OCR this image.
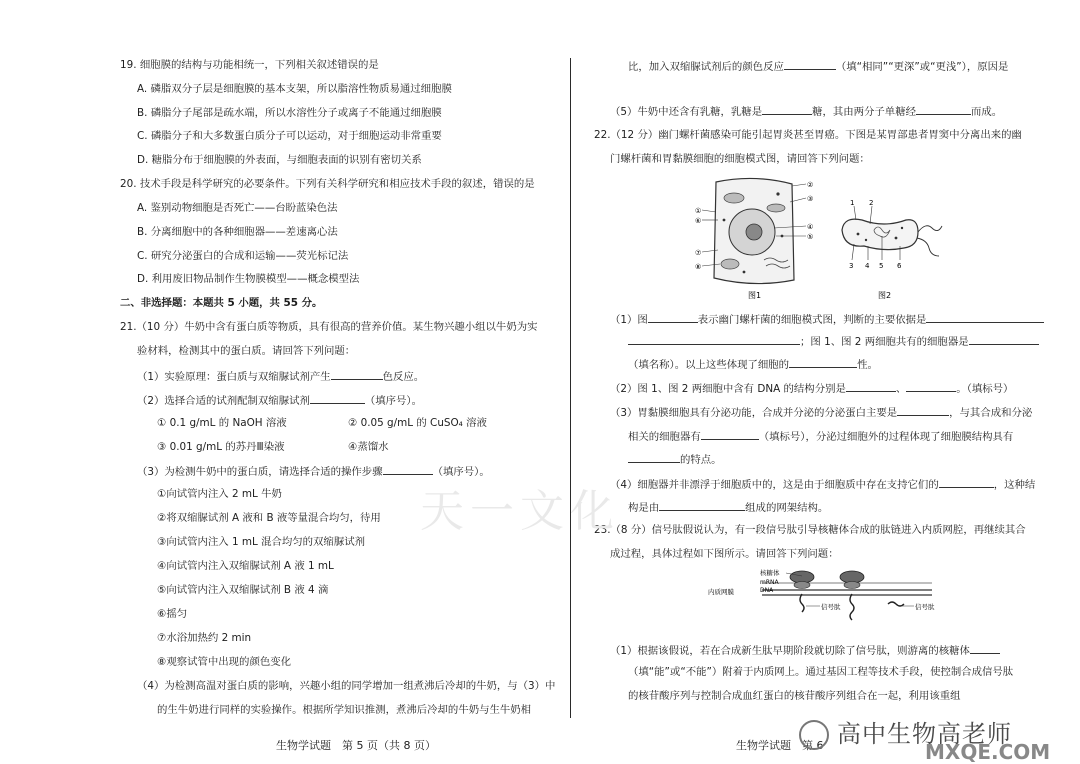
19. 细胞膜的结构与功能相统一，下列相关叙述错误的是
A. 磷脂双分子层是细胞膜的基本支架，所以脂溶性物质易通过细胞膜
B. 磷脂分子尾部是疏水端，所以水溶性分子或离子不能通过细胞膜
C. 磷脂分子和大多数蛋白质分子可以运动，对于细胞运动非常重要
D. 糖脂分布于细胞膜的外表面，与细胞表面的识别有密切关系
20. 技术手段是科学研究的必要条件。下列有关科学研究和相应技术手段的叙述，错误的是
A. 鉴别动物细胞是否死亡——台盼蓝染色法
B. 分离细胞中的各种细胞器——差速离心法
C. 研究分泌蛋白的合成和运输——荧光标记法
D. 利用废旧物品制作生物膜模型——概念模型法
二、非选择题：本题共 5 小题，共 55 分。
21.（10 分）牛奶中含有蛋白质等物质，具有很高的营养价值。某生物兴趣小组以牛奶为实
验材料，检测其中的蛋白质。请回答下列问题：
（1）实验原理：蛋白质与双缩脲试剂产生	色反应。
（2）选择合适的试剂配制双缩脲试剂	（填序号）。
① 0.1 g/mL 的 NaOH 溶液	② 0.05 g/mL 的 CuSO₄ 溶液
③ 0.01 g/mL 的苏丹Ⅲ染液	④蒸馏水
（3）为检测牛奶中的蛋白质，请选择合适的操作步骤	（填序号）。
①向试管内注入 2 mL 牛奶
②将双缩脲试剂 A 液和 B 液等量混合均匀，待用
③向试管内注入 1 mL 混合均匀的双缩脲试剂
④向试管内注入双缩脲试剂 A 液 1 mL
⑤向试管内注入双缩脲试剂 B 液 4 滴
⑥摇匀
⑦水浴加热约 2 min
⑧观察试管中出现的颜色变化
（4）为检测高温对蛋白质的影响，兴趣小组的同学增加一组煮沸后冷却的牛奶，与（3）中
的生牛奶进行同样的实验操作。根据所学知识推测，煮沸后冷却的牛奶与生牛奶相
生物学试题　第 5 页（共 8 页）
比，加入双缩脲试剂后的颜色反应	（填“相同”“更深”或“更浅”），原因是
（5）牛奶中还含有乳糖，乳糖是	糖，其由两分子单糖经	而成。
22.（12 分）幽门螺杆菌感染可能引起胃炎甚至胃癌。下图是某胃部患者胃窦中分离出来的幽
门螺杆菌和胃黏膜细胞的细胞模式图，请回答下列问题：
②
③
④
⑤
①
⑥
⑦
⑧
图1
1 2
3 4 5 6
图2
（1）图	表示幽门螺杆菌的细胞模式图，判断的主要依据是
；图 1、图 2 两细胞共有的细胞器是
（填名称）。以上这些体现了细胞的	性。
（2）图 1、图 2 两细胞中含有 DNA 的结构分别是	、	。（填标号）
（3）胃黏膜细胞具有分泌功能，合成并分泌的分泌蛋白主要是	，与其合成和分泌
相关的细胞器有	（填标号），分泌过细胞外的过程体现了细胞膜结构具有
的特点。
（4）细胞器并非漂浮于细胞质中的，这是由于细胞质中存在支持它们的	，这种结
构是由	组成的网架结构。
23.（8 分）信号肽假说认为，有一段信号肽引导核糖体合成的肽链进入内质网腔，再继续其合
成过程，具体过程如下图所示。请回答下列问题：
核糖体
mRNA
DNA
内质网膜
信号肽	信号肽
（1）根据该假说，若在合成新生肽早期阶段就切除了信号肽，则游离的核糖体
（填“能”或“不能”）附着于内质网上。通过基因工程等技术手段，使控制合成信号肽
的核苷酸序列与控制合成血红蛋白的核苷酸序列组合在一起，利用该重组
生物学试题　第 6
天一文化
高中生物高老师
MXQE.COM
